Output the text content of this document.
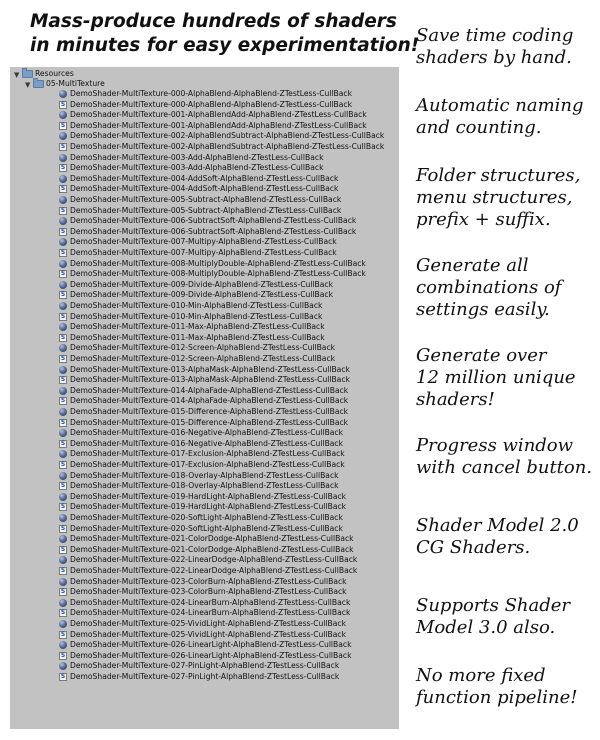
Mass-produce hundreds of shaders
in minutes for easy experimentation!
▼ Resources
▼ 05-MultiTexture
DemoShader-MultiTexture-000-AlphaBlend-AlphaBlend-ZTestLess-CullBack
S DemoShader-MultiTexture-000-AlphaBlend-AlphaBlend-ZTestLess-CullBack
DemoShader-MultiTexture-001-AlphaBlendAdd-AlphaBlend-ZTestLess-CullBack
S DemoShader-MultiTexture-001-AlphaBlendAdd-AlphaBlend-ZTestLess-CullBack
DemoShader-MultiTexture-002-AlphaBlendSubtract-AlphaBlend-ZTestLess-CullBack
S DemoShader-MultiTexture-002-AlphaBlendSubtract-AlphaBlend-ZTestLess-CullBack
DemoShader-MultiTexture-003-Add-AlphaBlend-ZTestLess-CullBack
S DemoShader-MultiTexture-003-Add-AlphaBlend-ZTestLess-CullBack
DemoShader-MultiTexture-004-AddSoft-AlphaBlend-ZTestLess-CullBack
S DemoShader-MultiTexture-004-AddSoft-AlphaBlend-ZTestLess-CullBack
DemoShader-MultiTexture-005-Subtract-AlphaBlend-ZTestLess-CullBack
S DemoShader-MultiTexture-005-Subtract-AlphaBlend-ZTestLess-CullBack
DemoShader-MultiTexture-006-SubtractSoft-AlphaBlend-ZTestLess-CullBack
S DemoShader-MultiTexture-006-SubtractSoft-AlphaBlend-ZTestLess-CullBack
DemoShader-MultiTexture-007-Multipy-AlphaBlend-ZTestLess-CullBack
S DemoShader-MultiTexture-007-Multipy-AlphaBlend-ZTestLess-CullBack
DemoShader-MultiTexture-008-MultiplyDouble-AlphaBlend-ZTestLess-CullBack
S DemoShader-MultiTexture-008-MultiplyDouble-AlphaBlend-ZTestLess-CullBack
DemoShader-MultiTexture-009-Divide-AlphaBlend-ZTestLess-CullBack
S DemoShader-MultiTexture-009-Divide-AlphaBlend-ZTestLess-CullBack
DemoShader-MultiTexture-010-Min-AlphaBlend-ZTestLess-CullBack
S DemoShader-MultiTexture-010-Min-AlphaBlend-ZTestLess-CullBack
DemoShader-MultiTexture-011-Max-AlphaBlend-ZTestLess-CullBack
S DemoShader-MultiTexture-011-Max-AlphaBlend-ZTestLess-CullBack
DemoShader-MultiTexture-012-Screen-AlphaBlend-ZTestLess-CullBack
S DemoShader-MultiTexture-012-Screen-AlphaBlend-ZTestLess-CullBack
DemoShader-MultiTexture-013-AlphaMask-AlphaBlend-ZTestLess-CullBack
S DemoShader-MultiTexture-013-AlphaMask-AlphaBlend-ZTestLess-CullBack
DemoShader-MultiTexture-014-AlphaFade-AlphaBlend-ZTestLess-CullBack
S DemoShader-MultiTexture-014-AlphaFade-AlphaBlend-ZTestLess-CullBack
DemoShader-MultiTexture-015-Difference-AlphaBlend-ZTestLess-CullBack
S DemoShader-MultiTexture-015-Difference-AlphaBlend-ZTestLess-CullBack
DemoShader-MultiTexture-016-Negative-AlphaBlend-ZTestLess-CullBack
S DemoShader-MultiTexture-016-Negative-AlphaBlend-ZTestLess-CullBack
DemoShader-MultiTexture-017-Exclusion-AlphaBlend-ZTestLess-CullBack
S DemoShader-MultiTexture-017-Exclusion-AlphaBlend-ZTestLess-CullBack
DemoShader-MultiTexture-018-Overlay-AlphaBlend-ZTestLess-CullBack
S DemoShader-MultiTexture-018-Overlay-AlphaBlend-ZTestLess-CullBack
DemoShader-MultiTexture-019-HardLight-AlphaBlend-ZTestLess-CullBack
S DemoShader-MultiTexture-019-HardLight-AlphaBlend-ZTestLess-CullBack
DemoShader-MultiTexture-020-SoftLight-AlphaBlend-ZTestLess-CullBack
S DemoShader-MultiTexture-020-SoftLight-AlphaBlend-ZTestLess-CullBack
DemoShader-MultiTexture-021-ColorDodge-AlphaBlend-ZTestLess-CullBack
S DemoShader-MultiTexture-021-ColorDodge-AlphaBlend-ZTestLess-CullBack
DemoShader-MultiTexture-022-LinearDodge-AlphaBlend-ZTestLess-CullBack
S DemoShader-MultiTexture-022-LinearDodge-AlphaBlend-ZTestLess-CullBack
DemoShader-MultiTexture-023-ColorBurn-AlphaBlend-ZTestLess-CullBack
S DemoShader-MultiTexture-023-ColorBurn-AlphaBlend-ZTestLess-CullBack
DemoShader-MultiTexture-024-LinearBurn-AlphaBlend-ZTestLess-CullBack
S DemoShader-MultiTexture-024-LinearBurn-AlphaBlend-ZTestLess-CullBack
DemoShader-MultiTexture-025-VividLight-AlphaBlend-ZTestLess-CullBack
S DemoShader-MultiTexture-025-VividLight-AlphaBlend-ZTestLess-CullBack
DemoShader-MultiTexture-026-LinearLight-AlphaBlend-ZTestLess-CullBack
S DemoShader-MultiTexture-026-LinearLight-AlphaBlend-ZTestLess-CullBack
DemoShader-MultiTexture-027-PinLight-AlphaBlend-ZTestLess-CullBack
S DemoShader-MultiTexture-027-PinLight-AlphaBlend-ZTestLess-CullBack
Save time coding
shaders by hand.
Automatic naming
and counting.
Folder structures,
menu structures,
prefix + suffix.
Generate all
combinations of
settings easily.
Generate over
12 million unique
shaders!
Progress window
with cancel button.
Shader Model 2.0
CG Shaders.
Supports Shader
Model 3.0 also.
No more fixed
function pipeline!
